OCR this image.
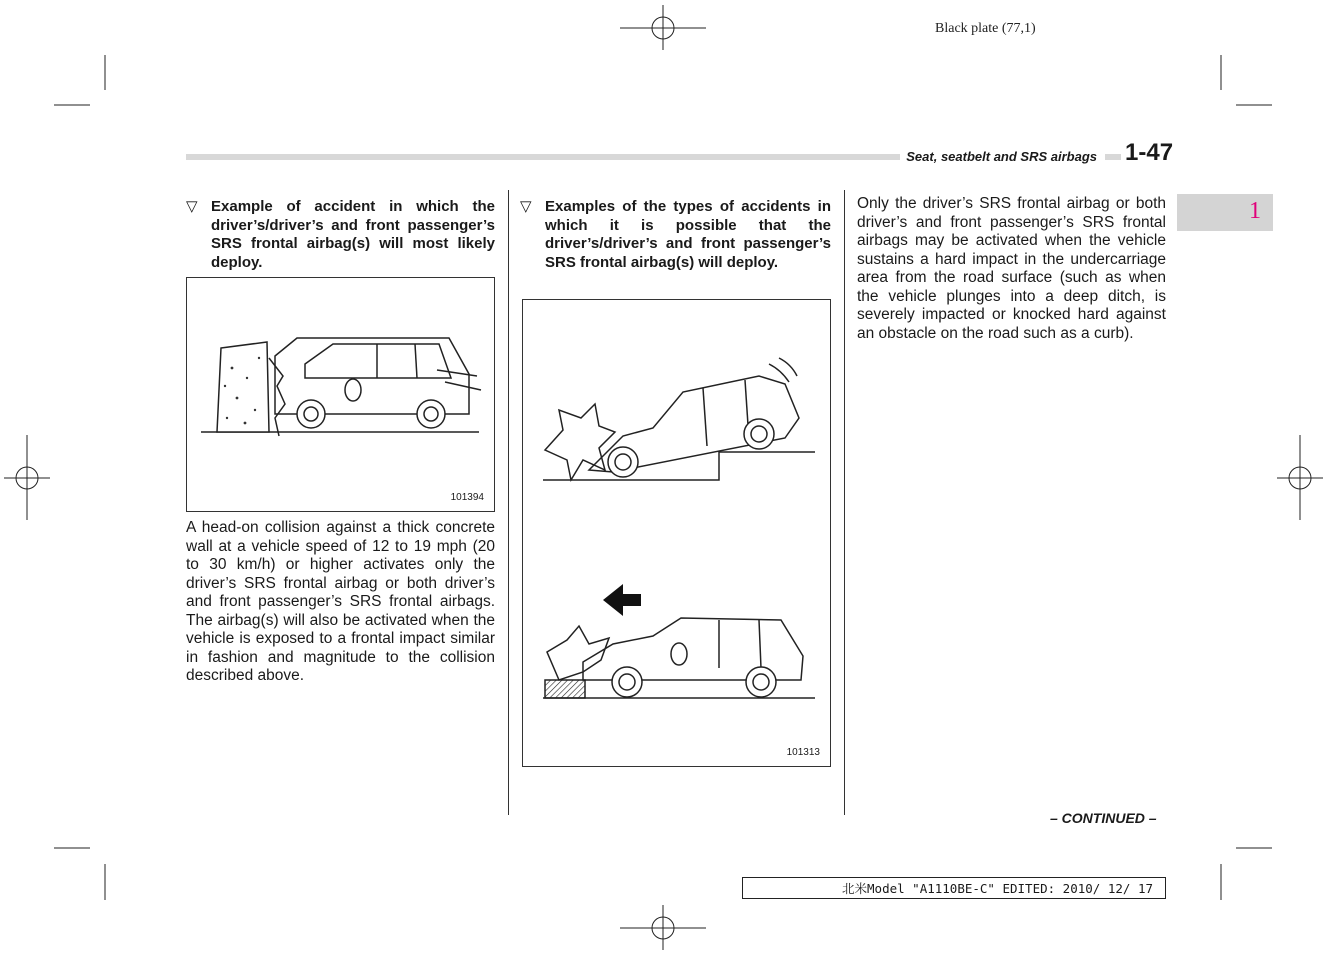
Black plate (77,1)
Seat, seatbelt and SRS airbags	1-47
1
▽ Example of accident in which the driver’s/driver’s and front passenger’s SRS frontal airbag(s) will most likely deploy.
101394
A head-on collision against a thick concrete wall at a vehicle speed of 12 to 19 mph (20 to 30 km/h) or higher activates only the driver’s SRS frontal airbag or both driver’s and front passenger’s SRS frontal airbags. The airbag(s) will also be activated when the vehicle is exposed to a frontal impact similar in fashion and magnitude to the collision described above.
▽ Examples of the types of accidents in which it is possible that the driver’s/driver’s and front passenger’s SRS frontal airbag(s) will deploy.
101313
Only the driver’s SRS frontal airbag or both driver’s and front passenger’s SRS frontal airbags may be activated when the vehicle sustains a hard impact in the undercarriage area from the road surface (such as when the vehicle plunges into a deep ditch, is severely impacted or knocked hard against an obstacle on the road such as a curb).
– CONTINUED –
北米Model "A1110BE-C" EDITED: 2010/ 12/ 17
